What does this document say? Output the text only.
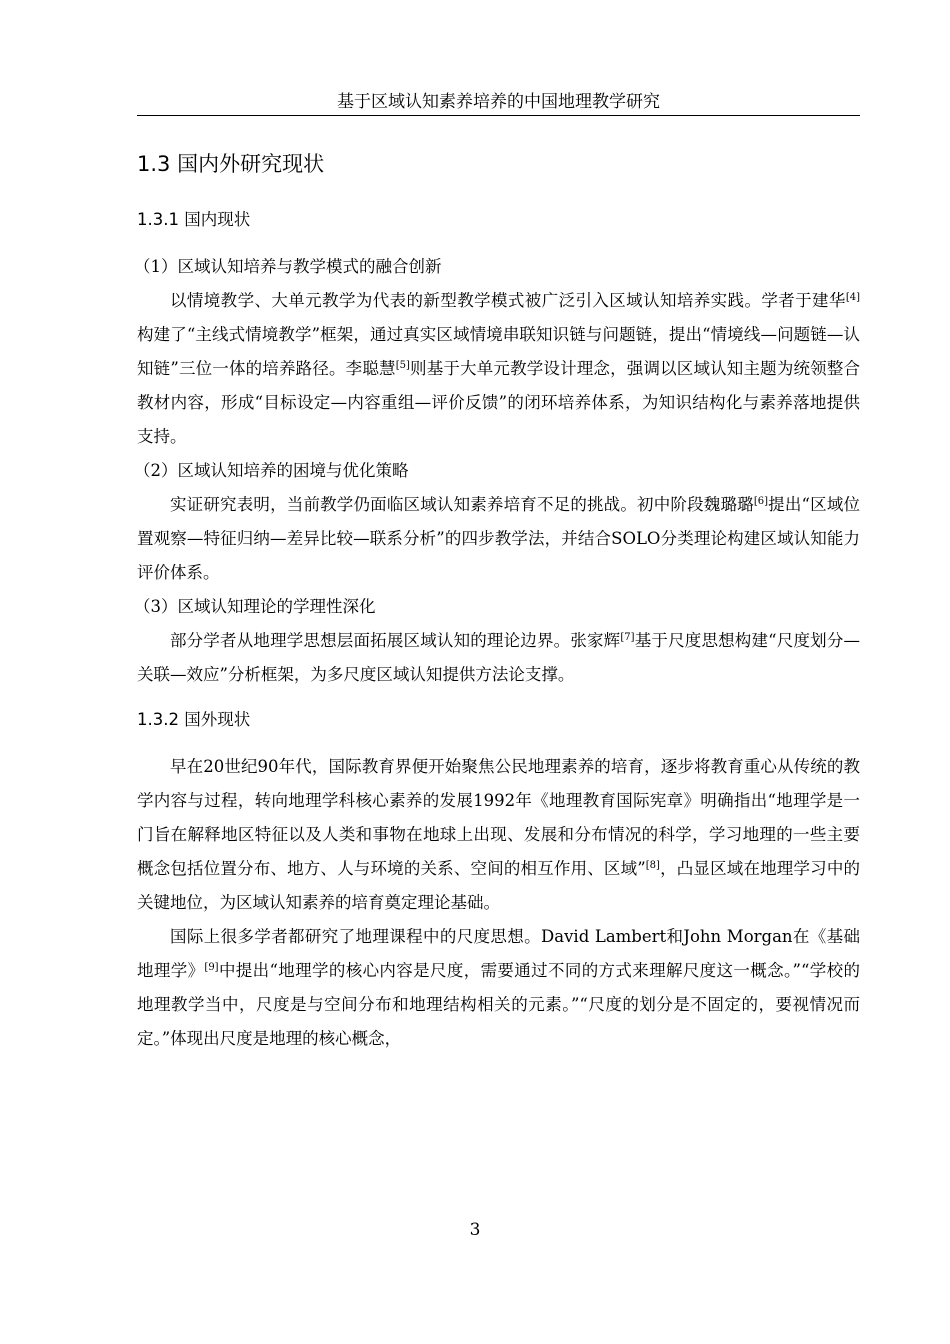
基于区域认知素养培养的中国地理教学研究
1.3 国内外研究现状
1.3.1 国内现状

（1）区域认知培养与教学模式的融合创新

以情境教学、大单元教学为代表的新型教学模式被广泛引入区域认知培养实践。学者于建华[4]构建了“主线式情境教学”框架，通过真实区域情境串联知识链与问题链，提出“情境线—问题链—认知链”三位一体的培养路径。李聪慧[5]则基于大单元教学设计理念，强调以区域认知主题为统领整合教材内容，形成“目标设定—内容重组—评价反馈”的闭环培养体系，为知识结构化与素养落地提供支持。

（2）区域认知培养的困境与优化策略

实证研究表明，当前教学仍面临区域认知素养培育不足的挑战。初中阶段魏璐璐[6]提出“区域位置观察—特征归纳—差异比较—联系分析”的四步教学法，并结合SOLO分类理论构建区域认知能力评价体系。

（3）区域认知理论的学理性深化

部分学者从地理学思想层面拓展区域认知的理论边界。张家辉[7]基于尺度思想构建“尺度划分—关联—效应”分析框架，为多尺度区域认知提供方法论支撑。

1.3.2 国外现状

早在20世纪90年代，国际教育界便开始聚焦公民地理素养的培育，逐步将教育重心从传统的教学内容与过程，转向地理学科核心素养的发展1992年《地理教育国际宪章》明确指出“地理学是一门旨在解释地区特征以及人类和事物在地球上出现、发展和分布情况的科学，学习地理的一些主要概念包括位置分布、地方、人与环境的关系、空间的相互作用、区域”[8]，凸显区域在地理学习中的关键地位，为区域认知素养的培育奠定理论基础。

国际上很多学者都研究了地理课程中的尺度思想。David Lambert和John Morgan在《基础地理学》[9]中提出“地理学的核心内容是尺度，需要通过不同的方式来理解尺度这一概念。”“学校的地理教学当中，尺度是与空间分布和地理结构相关的元素。”“尺度的划分是不固定的，要视情况而定。”体现出尺度是地理的核心概念，

3
